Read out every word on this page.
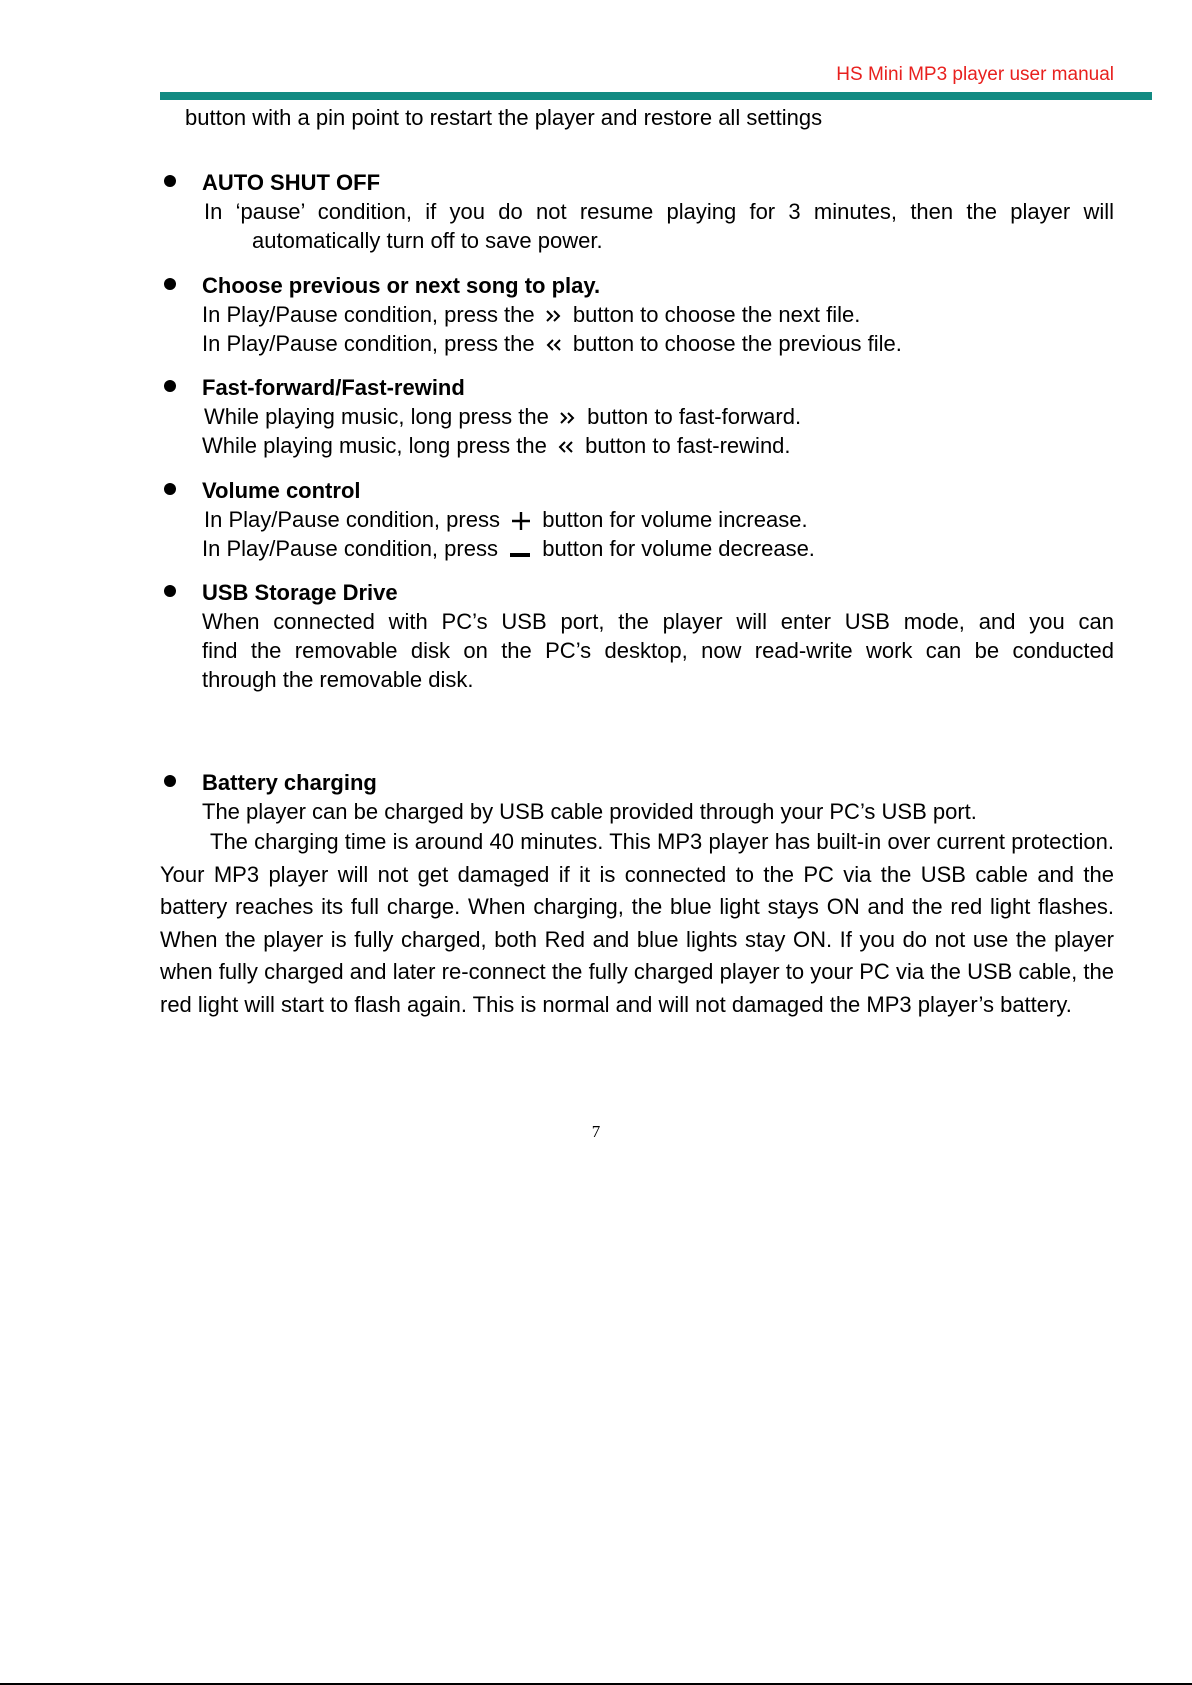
HS Mini MP3 player user manual
button with a pin point to restart the player and restore all settings
AUTO SHUT OFF
In ‘pause’ condition, if you do not resume playing for 3 minutes, then the player will
automatically turn off to save power.
Choose previous or next song to play.
In Play/Pause condition, press the button to choose the next file.
In Play/Pause condition, press the button to choose the previous file.
Fast-forward/Fast-rewind
While playing music, long press the button to fast-forward.
While playing music, long press the button to fast-rewind.
Volume control
In Play/Pause condition, press button for volume increase.
In Play/Pause condition, press button for volume decrease.
USB Storage Drive
When connected with PC’s USB port, the player will enter USB mode, and you can
find the removable disk on the PC’s desktop, now read-write work can be conducted
through the removable disk.
Battery charging
The player can be charged by USB cable provided through your PC’s USB port.
The charging time is around 40 minutes. This MP3 player has built-in over current protection. Your MP3 player will not get damaged if it is connected to the PC via the USB cable and the battery reaches its full charge. When charging, the blue light stays ON and the red light flashes. When the player is fully charged, both Red and blue lights stay ON. If you do not use the player when fully charged and later re-connect the fully charged player to your PC via the USB cable, the red light will start to flash again. This is normal and will not damaged the MP3 player’s battery.
7
